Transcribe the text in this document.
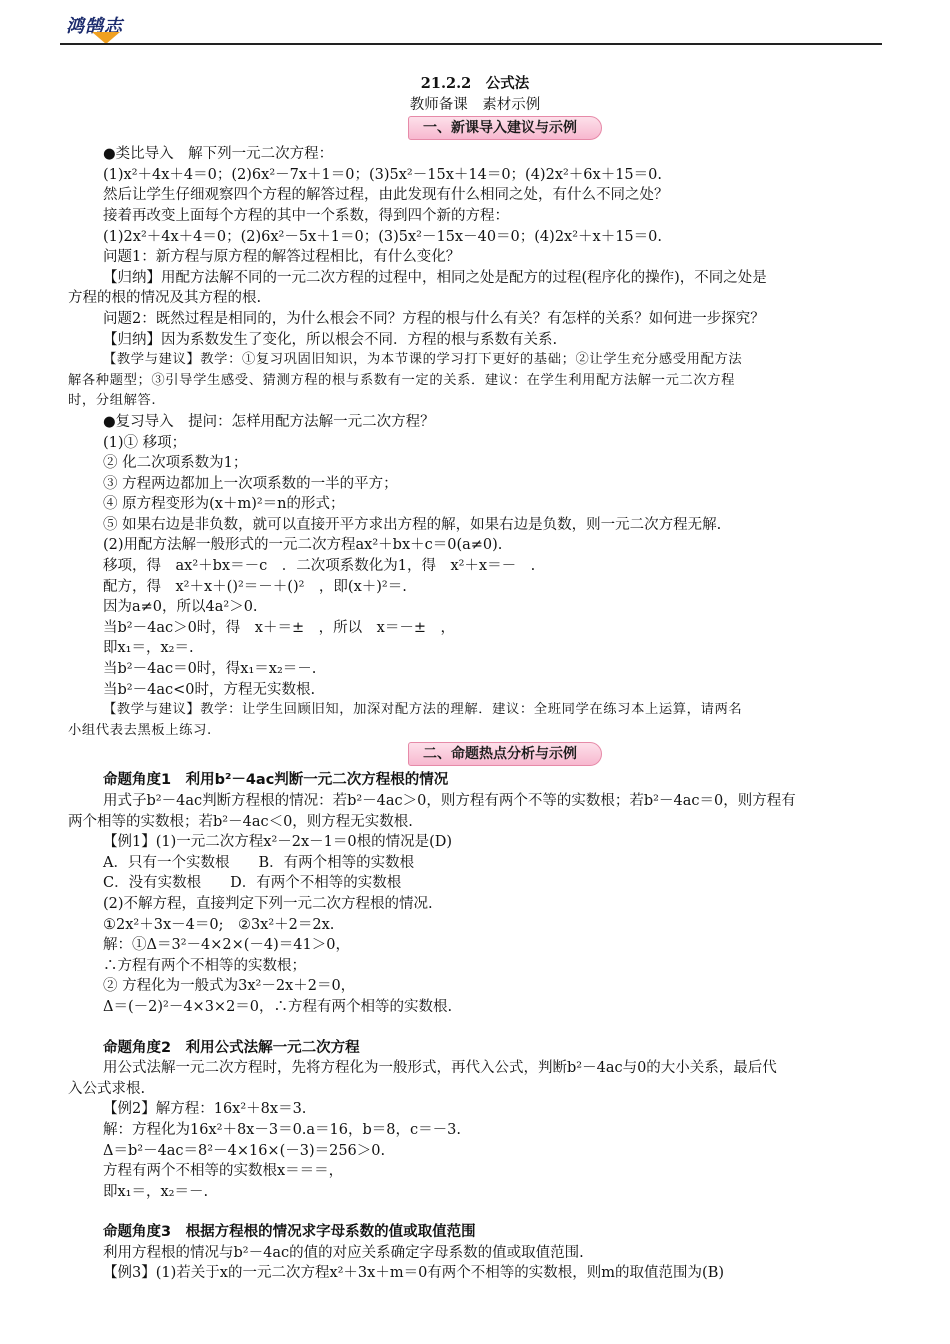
鸿鹄志
21.2.2　公式法
教师备课　素材示例
一、新课导入建议与示例
●类比导入　解下列一元二次方程：
(1)x²＋4x＋4＝0；(2)6x²－7x＋1＝0；(3)5x²－15x＋14＝0；(4)2x²＋6x＋15＝0.
然后让学生仔细观察四个方程的解答过程，由此发现有什么相同之处，有什么不同之处？
接着再改变上面每个方程的其中一个系数，得到四个新的方程：
(1)2x²＋4x＋4＝0；(2)6x²－5x＋1＝0；(3)5x²－15x－40＝0；(4)2x²＋x＋15＝0.
问题1：新方程与原方程的解答过程相比，有什么变化？
【归纳】用配方法解不同的一元二次方程的过程中，相同之处是配方的过程(程序化的操作)，不同之处是
方程的根的情况及其方程的根.
问题2：既然过程是相同的，为什么根会不同？方程的根与什么有关？有怎样的关系？如何进一步探究？
【归纳】因为系数发生了变化，所以根会不同．方程的根与系数有关系.
【教学与建议】教学：①复习巩固旧知识，为本节课的学习打下更好的基础；②让学生充分感受用配方法
解各种题型；③引导学生感受、猜测方程的根与系数有一定的关系．建议：在学生利用配方法解一元二次方程
时，分组解答.
●复习导入　提问：怎样用配方法解一元二次方程？
(1)① 移项；
② 化二次项系数为1；
③ 方程两边都加上一次项系数的一半的平方；
④ 原方程变形为(x＋m)²＝n的形式；
⑤ 如果右边是非负数，就可以直接开平方求出方程的解，如果右边是负数，则一元二次方程无解.
(2)用配方法解一般形式的一元二次方程ax²＋bx＋c＝0(a≠0).
移项，得　ax²＋bx＝－c　．二次项系数化为1，得　x²＋x＝－　.
配方，得　x²＋x＋()²＝－＋()²　，即(x＋)²＝.
因为a≠0，所以4a²＞0.
当b²－4ac＞0时，得　x＋＝±　，所以　x＝－±　，
即x₁＝，x₂＝.
当b²－4ac＝0时，得x₁＝x₂＝－.
当b²－4ac<0时，方程无实数根.
【教学与建议】教学：让学生回顾旧知，加深对配方法的理解．建议：全班同学在练习本上运算，请两名
小组代表去黑板上练习.
二、命题热点分析与示例
命题角度1　利用b²－4ac判断一元二次方程根的情况
用式子b²－4ac判断方程根的情况：若b²－4ac＞0，则方程有两个不等的实数根；若b²－4ac＝0，则方程有
两个相等的实数根；若b²－4ac＜0，则方程无实数根.
【例1】(1)一元二次方程x²－2x－1＝0根的情况是(D)
A．只有一个实数根　　B．有两个相等的实数根
C．没有实数根　　D．有两个不相等的实数根
(2)不解方程，直接判定下列一元二次方程根的情况.
①2x²＋3x－4＝0;　②3x²＋2＝2x.
解：①Δ＝3²－4×2×(－4)＝41＞0，
∴方程有两个不相等的实数根；
② 方程化为一般式为3x²－2x＋2＝0，
Δ＝(－2)²－4×3×2＝0，∴方程有两个相等的实数根.
命题角度2　利用公式法解一元二次方程
用公式法解一元二次方程时，先将方程化为一般形式，再代入公式，判断b²－4ac与0的大小关系，最后代
入公式求根.
【例2】解方程：16x²＋8x＝3.
解：方程化为16x²＋8x－3＝0.a＝16，b＝8，c＝－3.
Δ＝b²－4ac＝8²－4×16×(－3)＝256＞0.
方程有两个不相等的实数根x＝＝＝，
即x₁＝，x₂＝－.
命题角度3　根据方程根的情况求字母系数的值或取值范围
利用方程根的情况与b²－4ac的值的对应关系确定字母系数的值或取值范围.
【例3】(1)若关于x的一元二次方程x²＋3x＋m＝0有两个不相等的实数根，则m的取值范围为(B)
